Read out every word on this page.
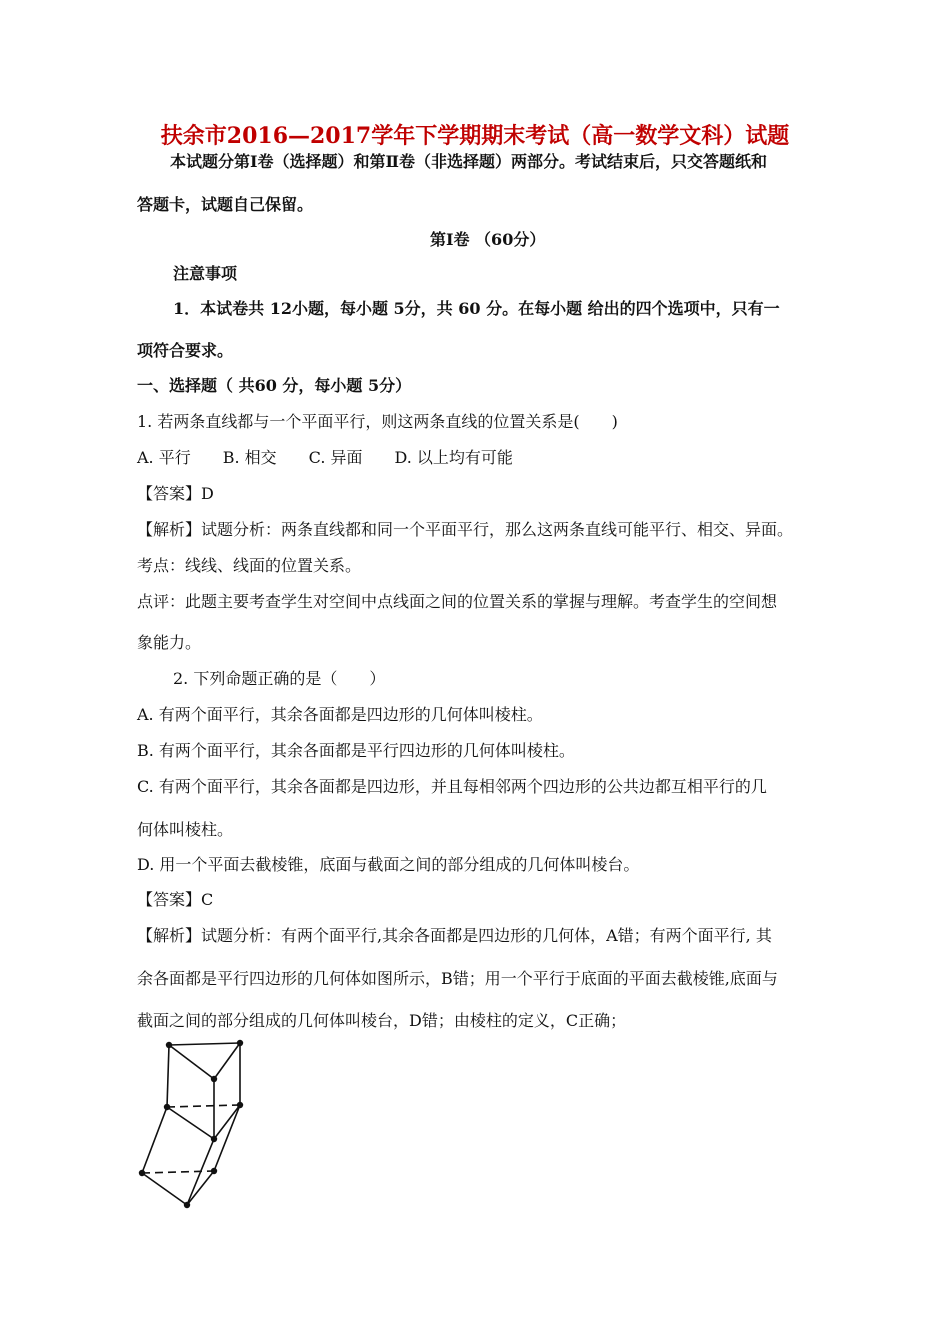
扶余市2016—2017学年下学期期末考试（高一数学文科）试题
本试题分第Ⅰ卷（选择题）和第Ⅱ卷（非选择题）两部分。考试结束后，只交答题纸和
答题卡，试题自己保留。
第Ⅰ卷 （60分）
注意事项
1．本试卷共 12小题，每小题 5分，共 60 分。在每小题 给出的四个选项中，只有一
项符合要求。
一、选择题（ 共60 分，每小题 5分）
1. 若两条直线都与一个平面平行，则这两条直线的位置关系是(　　)
A. 平行　　B. 相交　　C. 异面　　D. 以上均有可能
【答案】D
【解析】试题分析：两条直线都和同一个平面平行，那么这两条直线可能平行、相交、异面。
考点：线线、线面的位置关系。
点评：此题主要考查学生对空间中点线面之间的位置关系的掌握与理解。考查学生的空间想
象能力。
2. 下列命题正确的是（　　）
A. 有两个面平行，其余各面都是四边形的几何体叫棱柱。
B. 有两个面平行，其余各面都是平行四边形的几何体叫棱柱。
C. 有两个面平行，其余各面都是四边形，并且每相邻两个四边形的公共边都互相平行的几
何体叫棱柱。
D. 用一个平面去截棱锥，底面与截面之间的部分组成的几何体叫棱台。
【答案】C
【解析】试题分析：有两个面平行,其余各面都是四边形的几何体，A错；有两个面平行, 其
余各面都是平行四边形的几何体如图所示，B错；用一个平行于底面的平面去截棱锥,底面与
截面之间的部分组成的几何体叫棱台，D错；由棱柱的定义，C正确；
